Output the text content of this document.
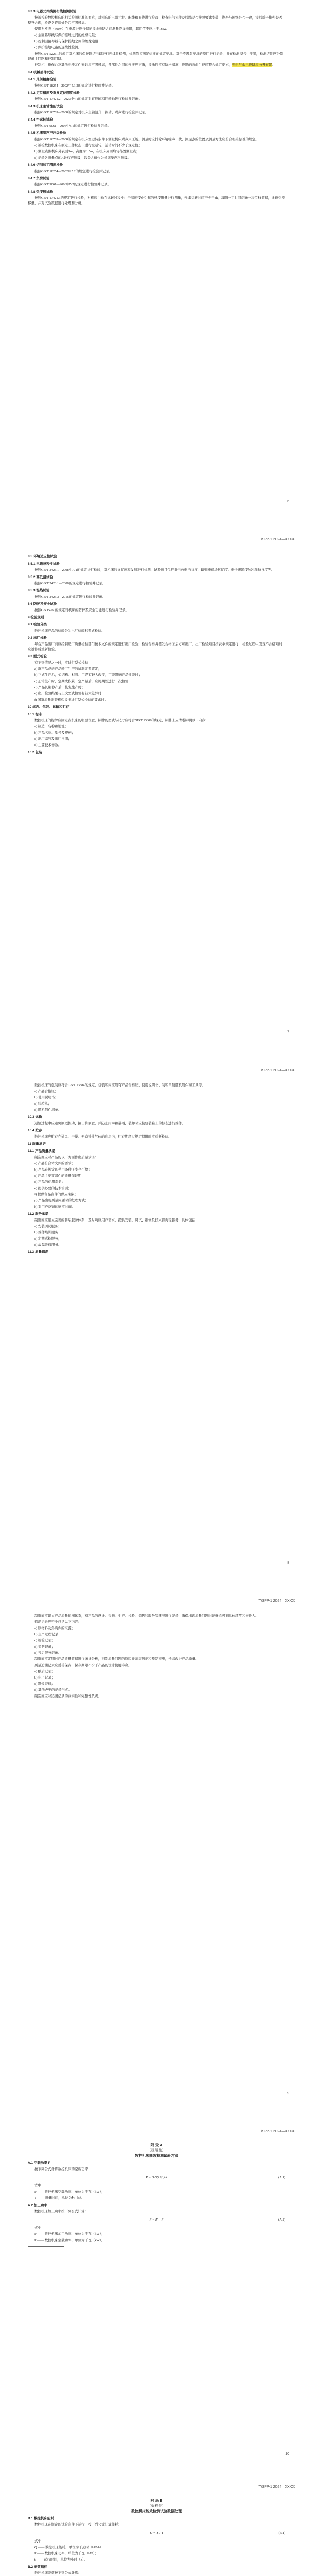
8.3.3 电器元件线路布线检测试验

按被检验数控机床的相关检测标准的要求，对机床的电器元件、配线和布线进行检查，检查电气元件及线路是否按照要求安装，线号与图纸是否一致，接线端子排列是否整齐合理，检查各连接处是否牢固可靠。

使用兆欧表（500V）在电源进线与保护接地电路之间测量绝缘电阻，其阻值不应小于1MΩ。

a) 主回路导线与保护接地之间的绝缘电阻；

b) 控制回路导线与保护接地之间的绝缘电阻；

c) 保护接地电路的连续性检测。

按照GB/T 5226.1的规定对机床的保护联结电路进行连续性检测，检测值应满足标准的规定要求。对于不满足要求的项目进行记录，并在检测报告中注明，检测结果应分别记录主回路和控制回路。

控制柜、操作台及其他电器元件安装应牢固可靠，各部件之间的连接应正确，接插件应有防松措施，线缆的弯曲半径应符合规定要求，强电与弱电线路应分开布置。

8.4 机械部件试验

8.4.1 几何精度检验

按照GB/T 18254—2002中5.1.2的规定进行检验并记录。

8.4.2 定位精度及重复定位精度检验

按照GB/T 17421.2—2023中4.1的规定对直线轴和回转轴进行检验并记录。

8.4.3 机床主轴性能试验

按照GB/T 16769—2008的规定对机床主轴温升、振动、噪声进行检验并记录。

8.4.4 空运转试验

按照GB/T 9061—2006中5.1的规定进行检验并记录。

8.4.5 机床噪声声压级检验

按照GB/T 16769—2008的规定在机床空运转条件下测量机床噪声声压级，测量时应排除环境噪声干扰，测量点的位置及测量方法应符合相关标准的规定。

a) 被检数控机床在额定工作状态下进行空运转，运转时间不少于规定值；

b) 测量点距机床外表面1m，高度为1.5m，在机床周围均匀布置测量点；

c) 记录各测量点的A计权声压级，取最大值作为机床噪声声压级。

8.4.6 切削加工精度检验

按照GB/T 18254—2002中5.2的规定进行检验并记录。

8.4.7 负荷试验

按照GB/T 9061—2006中5.2的规定进行检验并记录。

8.4.8 热变形试验

按照GB/T 17421.3的规定进行检验，对机床主轴在运转过程中由于温度变化引起的热变形量进行测量，连续运转时间不少于4h，每隔一定时间记录一次位移数据，计算热漂移量，并对试验数据进行处理和分析。

6
T/SPP-1 2024—XXXX

8.5 环境适应性试验

8.5.1 电磁兼容性试验

按照GB/T 2423.1—2008中A.1的规定进行检验，对机床的抗扰度和发射进行检测，试验项目包括静电放电抗扰度、辐射电磁场抗扰度、电快速瞬变脉冲群抗扰度等。

8.5.2 高低温试验

按照GB/T 2423.1—2008的规定进行检验并记录。

8.5.3 湿热试验

按照GB/T 2423.3—2016的规定进行检验并记录。

8.6 防护及安全试验

按照GB 15760的规定对机床的防护及安全功能进行检验并记录。

9 检验规则

9.1 检验分类

数控机床产品的检验分为出厂检验和型式检验。

9.2 出厂检验

每台产品出厂前应经制造厂质量检验部门按本文件的规定进行出厂检验，检验合格并签发合格证后方可出厂。出厂检验项目按表中规定进行，检验过程中发现不合格项时应返修后重新检验。

9.3 型式检验

有下列情况之一时，应进行型式检验：

a) 新产品或老产品转厂生产的试制定型鉴定；

b) 正式生产后，如结构、材料、工艺有较大改变，可能影响产品性能时；

c) 正常生产时，定期或积累一定产量后，应周期性进行一次检验；

d) 产品长期停产后，恢复生产时；

e) 出厂检验结果与上次型式检验有较大差异时；

f) 国家质量监督机构提出进行型式检验的要求时。

10 标志、包装、运输和贮存

10.1 标志

数控机床的标牌应固定在机床的明显位置，标牌的型式与尺寸应符合GB/T 13306的规定，标牌上应清晰标明以下内容：

a) 制造厂名称和地址；

b) 产品名称、型号及规格；

c) 出厂编号及出厂日期；

d) 主要技术参数。

10.2 包装

7
T/SPP-1 2024—XXXX

数控机床的包装应符合GB/T 13384的规定，包装箱内应附有产品合格证、使用说明书、装箱单及随机附件和工具等。

a) 产品合格证；

b) 使用说明书；

c) 装箱单；

d) 随机附件清单。

10.3 运输

运输过程中应避免剧烈振动、撞击和倒置，并防止雨淋和暴晒，装卸时应按包装箱上的标志进行操作。

10.4 贮存

数控机床应贮存在通风、干燥、无腐蚀性气体的库房内，贮存期超过规定期限时应重新检验。

11 质量承诺

11.1 产品质量承诺

制造商应对产品的以下方面作出质量承诺：

a) 产品符合本文件的要求；

b) 产品在规定的使用条件下安全可靠；

c) 产品主要零部件的质量保证期；

d) 产品的使用寿命；

e) 提供必要的技术培训；

f) 提供备品备件的供应期限；

g) 产品出现质量问题时的处理方式；

h) 对用户反馈的响应时间。

11.2 服务承诺

制造商应建立完善的售后服务体系，及时响应用户需求，提供安装、调试、维修及技术咨询等服务，具体包括：

a) 安装调试服务；

b) 操作培训服务；

c) 定期巡检服务；

d) 故障维修服务。

11.3 质量追溯

8
T/SPP-1 2024—XXXX

制造商应建立产品质量追溯体系，对产品的设计、采购、生产、检验、销售和服务等环节进行记录，确保出现质量问题时能够追溯到具体环节和责任人。

追溯记录应至少包括以下内容：

a) 原材料及外购件的来源；

b) 生产过程记录；

c) 检验记录；

d) 销售记录；

e) 售后服务记录。

制造商应定期对产品质量数据进行统计分析，识别质量问题的原因并采取纠正和预防措施，持续改进产品质量。

质量追溯记录应妥善保存，保存期限不少于产品的设计使用寿命。

a) 纸质记录；

b) 电子记录；

c) 影像资料；

d) 其他必要的记录形式。

制造商应对追溯记录的真实性和完整性负责。

9
T/SPP-1 2024—XXXX
附 录 A
（规范性）
数控机床能效检测试验方法

A.1 空载功率 P

按下列公式计算数控机床的空载功率：

P = (1/T)∫P(t)dt	(A.1)

式中：

P —— 数控机床空载功率，单位为千瓦（kW）；

T —— 测量时间，单位为秒（s）。

A.2 加工功率

数控机床加工功率按下列公式计算：

P = P − P	(A.2)

式中：

P —— 数控机床加工功率，单位为千瓦（kW）；

P —— 数控机床空载功率，单位为千瓦（kW）。

10
T/SPP-1 2024—XXXX
附 录 B
（资料性）
数控机床能效检测试验数据处理

B.1 数控机床能耗

数控机床在规定的试验条件下运行，按下列公式计算能耗：

Q = Σ P t	(B.1)

式中：

Q —— 数控机床能耗，单位为千瓦时（kW·h）；

P —— 数控机床功率，单位为千瓦（kW）；

t —— 运行时间，单位为小时（h）。

B.2 能效指标

数控机床能效按下列公式计算：
